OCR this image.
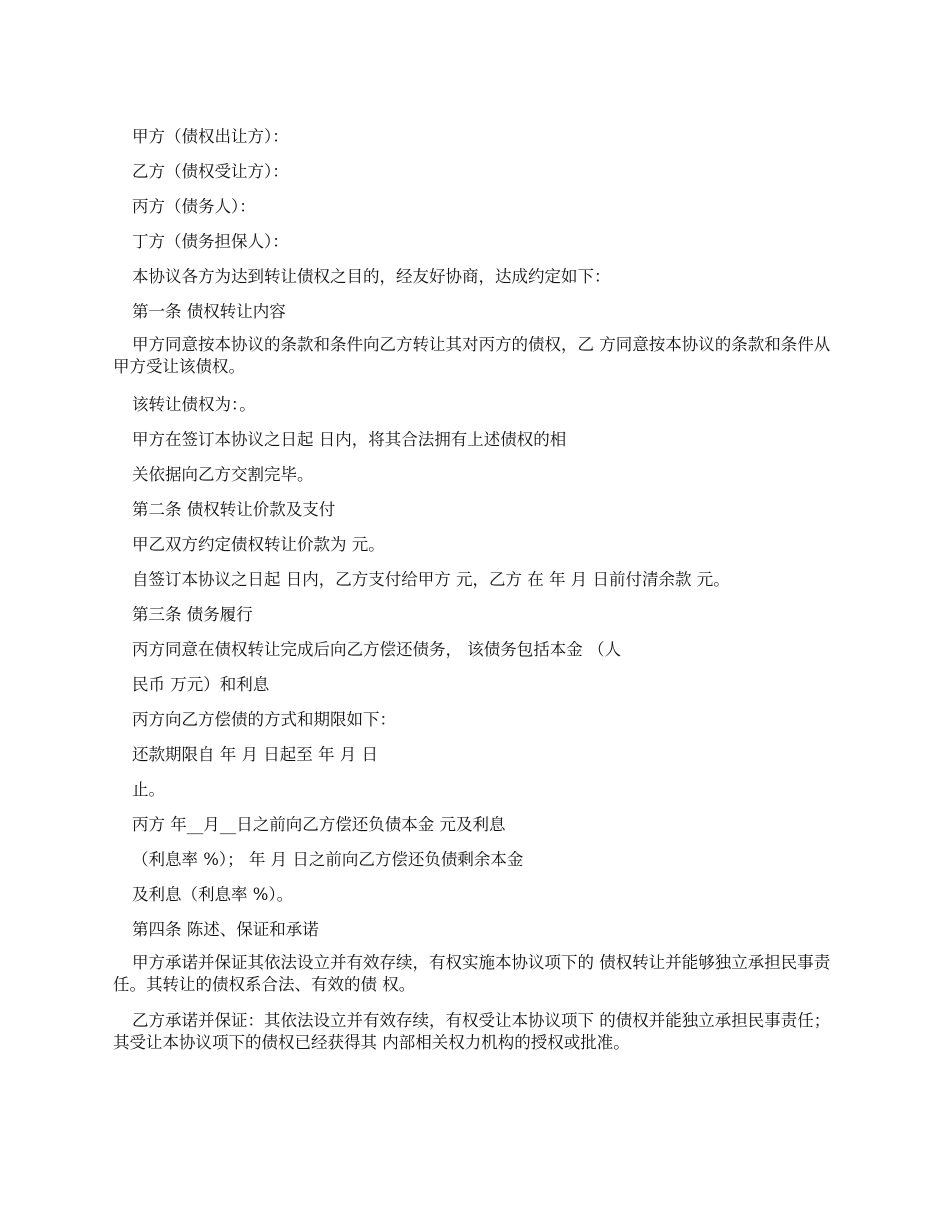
甲方（债权出让方）：

乙方（债权受让方）：

丙方（债务人）：

丁方（债务担保人）：

本协议各方为达到转让债权之目的，经友好协商，达成约定如下：

第一条 债权转让内容

甲方同意按本协议的条款和条件向乙方转让其对丙方的债权，乙 方同意按本协议的条款和条件从甲方受让该债权。

该转让债权为：。

甲方在签订本协议之日起 日内，将其合法拥有上述债权的相

关依据向乙方交割完毕。

第二条 债权转让价款及支付

甲乙双方约定债权转让价款为 元。

自签订本协议之日起 日内，乙方支付给甲方 元，乙方 在 年 月 日前付清余款 元。

第三条 债务履行

丙方同意在债权转让完成后向乙方偿还债务， 该债务包括本金 （人

民币 万元）和利息

丙方向乙方偿债的方式和期限如下：

还款期限自 年 月 日起至 年 月 日

止。

丙方 年__月__日之前向乙方偿还负债本金 元及利息

（利息率 %）； 年 月 日之前向乙方偿还负债剩余本金

及利息（利息率 %）。

第四条 陈述、保证和承诺

甲方承诺并保证其依法设立并有效存续，有权实施本协议项下的 债权转让并能够独立承担民事责任。其转让的债权系合法、有效的债 权。

乙方承诺并保证：其依法设立并有效存续，有权受让本协议项下 的债权并能独立承担民事责任；其受让本协议项下的债权已经获得其 内部相关权力机构的授权或批准。
